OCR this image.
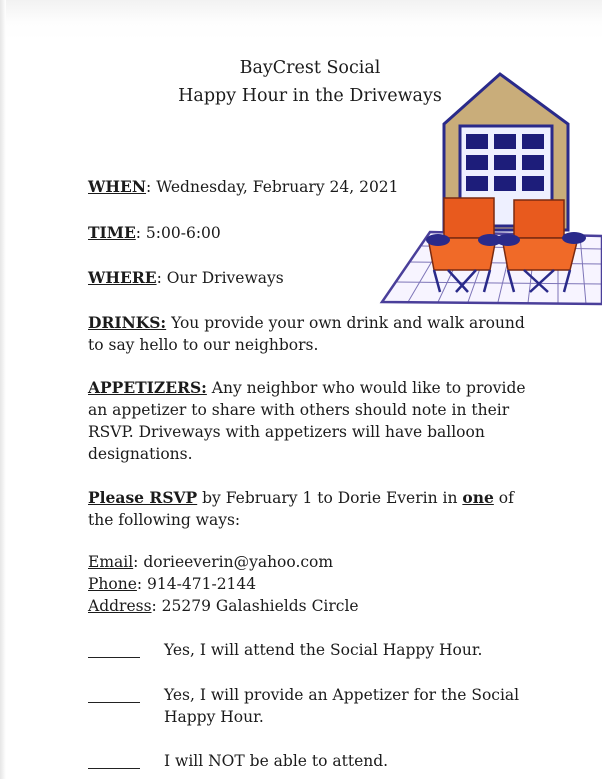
BayCrest Social
Happy Hour in the Driveways
WHEN: Wednesday, February 24, 2021
TIME: 5:00-6:00
WHERE: Our Driveways
DRINKS: You provide your own drink and walk around to say hello to our neighbors.
APPETIZERS: Any neighbor who would like to provide an appetizer to share with others should note in their RSVP. Driveways with appetizers will have balloon designations.
Please RSVP by February 1 to Dorie Everin in one of the following ways:
Email: dorieeverin@yahoo.com
Phone: 914-471-2144
Address: 25279 Galashields Circle
Yes, I will attend the Social Happy Hour.
Yes, I will provide an Appetizer for the Social Happy Hour.
I will NOT be able to attend.
